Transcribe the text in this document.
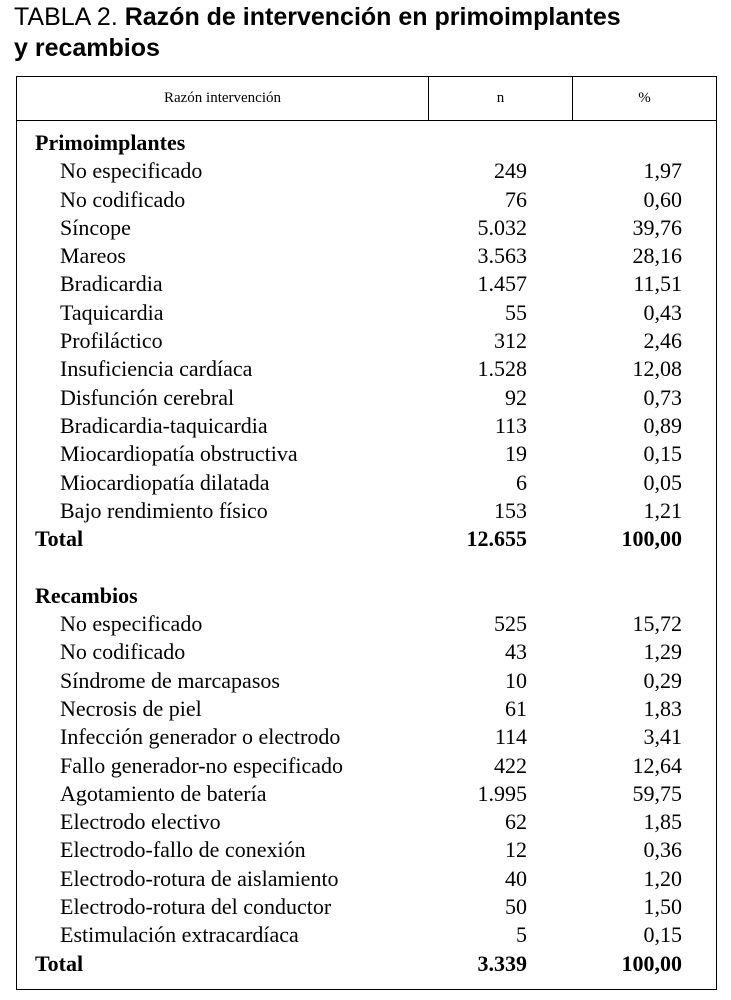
TABLA 2. Razón de intervención en primoimplantes
y recambios
Razón intervención	n	%
Primoimplantes
No especificado	249	1,97
No codificado	76	0,60
Síncope	5.032	39,76
Mareos	3.563	28,16
Bradicardia	1.457	11,51
Taquicardia	55	0,43
Profiláctico	312	2,46
Insuficiencia cardíaca	1.528	12,08
Disfunción cerebral	92	0,73
Bradicardia-taquicardia	113	0,89
Miocardiopatía obstructiva	19	0,15
Miocardiopatía dilatada	6	0,05
Bajo rendimiento físico	153	1,21
Total	12.655	100,00
Recambios
No especificado	525	15,72
No codificado	43	1,29
Síndrome de marcapasos	10	0,29
Necrosis de piel	61	1,83
Infección generador o electrodo	114	3,41
Fallo generador-no especificado	422	12,64
Agotamiento de batería	1.995	59,75
Electrodo electivo	62	1,85
Electrodo-fallo de conexión	12	0,36
Electrodo-rotura de aislamiento	40	1,20
Electrodo-rotura del conductor	50	1,50
Estimulación extracardíaca	5	0,15
Total	3.339	100,00
